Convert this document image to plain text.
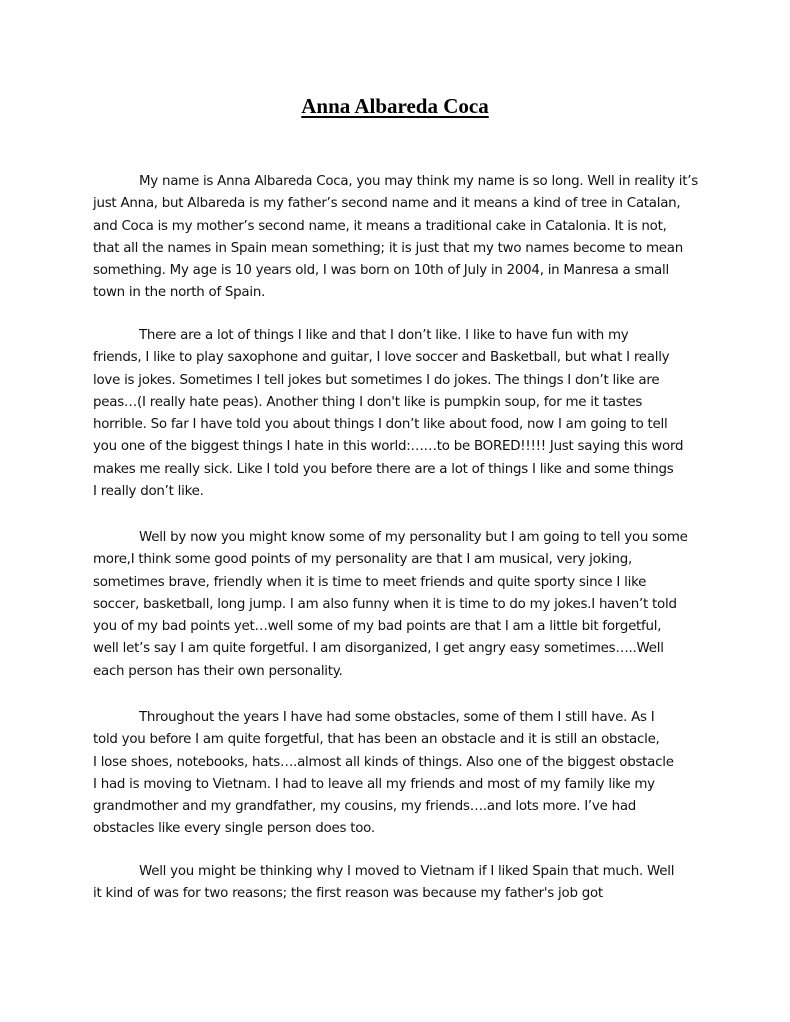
Anna Albareda Coca

My name is Anna Albareda Coca, you may think my name is so long. Well in reality it’s
just Anna, but Albareda is my father’s second name and it means a kind of tree in Catalan,
and Coca is my mother’s second name, it means a traditional cake in Catalonia. It is not,
that all the names in Spain mean something; it is just that my two names become to mean
something. My age is 10 years old, I was born on 10th of July in 2004, in Manresa a small
town in the north of Spain.

There are a lot of things I like and that I don’t like. I like to have fun with my
friends, I like to play saxophone and guitar, I love soccer and Basketball, but what I really
love is jokes. Sometimes I tell jokes but sometimes I do jokes. The things I don’t like are
peas…(I really hate peas). Another thing I don't like is pumpkin soup, for me it tastes
horrible. So far I have told you about things I don’t like about food, now I am going to tell
you one of the biggest things I hate in this world:……to be BORED!!!!! Just saying this word
makes me really sick. Like I told you before there are a lot of things I like and some things
I really don’t like.

Well by now you might know some of my personality but I am going to tell you some
more,I think some good points of my personality are that I am musical, very joking,
sometimes brave, friendly when it is time to meet friends and quite sporty since I like
soccer, basketball, long jump. I am also funny when it is time to do my jokes.I haven’t told
you of my bad points yet…well some of my bad points are that I am a little bit forgetful,
well let’s say I am quite forgetful. I am disorganized, I get angry easy sometimes…..Well
each person has their own personality.

Throughout the years I have had some obstacles, some of them I still have. As I
told you before I am quite forgetful, that has been an obstacle and it is still an obstacle,
I lose shoes, notebooks, hats….almost all kinds of things. Also one of the biggest obstacle
I had is moving to Vietnam. I had to leave all my friends and most of my family like my
grandmother and my grandfather, my cousins, my friends….and lots more. I’ve had
obstacles like every single person does too.

Well you might be thinking why I moved to Vietnam if I liked Spain that much. Well
it kind of was for two reasons; the first reason was because my father's job got
